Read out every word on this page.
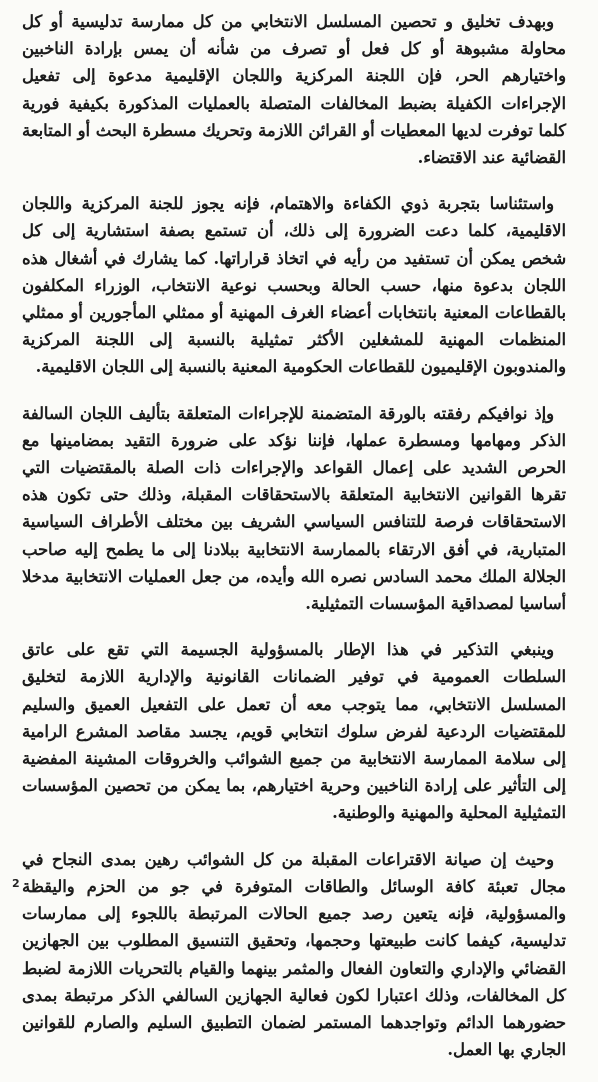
وبهدف تخليق و تحصين المسلسل الانتخابي من كل ممارسة تدليسية أو كل محاولة مشبوهة أو كل فعل أو تصرف من شأنه أن يمس بإرادة الناخبين واختيارهم الحر، فإن اللجنة المركزية واللجان الإقليمية مدعوة إلى تفعيل الإجراءات الكفيلة بضبط المخالفات المتصلة بالعمليات المذكورة بكيفية فورية كلما توفرت لديها المعطيات أو القرائن اللازمة وتحريك مسطرة البحث أو المتابعة القضائية عند الاقتضاء.

واستئناسا بتجربة ذوي الكفاءة والاهتمام، فإنه يجوز للجنة المركزية واللجان الاقليمية، كلما دعت الضرورة إلى ذلك، أن تستمع بصفة استشارية إلى كل شخص يمكن أن تستفيد من رأيه في اتخاذ قراراتها. كما يشارك في أشغال هذه اللجان بدعوة منها، حسب الحالة وبحسب نوعية الانتخاب، الوزراء المكلفون بالقطاعات المعنية بانتخابات أعضاء الغرف المهنية أو ممثلي المأجورين أو ممثلي المنظمات المهنية للمشغلين الأكثر تمثيلية بالنسبة إلى اللجنة المركزية والمندوبون الإقليميون للقطاعات الحكومية المعنية بالنسبة إلى اللجان الاقليمية.

وإذ نوافيكم رفقته بالورقة المتضمنة للإجراءات المتعلقة بتأليف اللجان السالفة الذكر ومهامها ومسطرة عملها، فإننا نؤكد على ضرورة التقيد بمضامينها مع الحرص الشديد على إعمال القواعد والإجراءات ذات الصلة بالمقتضيات التي تقرها القوانين الانتخابية المتعلقة بالاستحقاقات المقبلة، وذلك حتى تكون هذه الاستحقاقات فرصة للتنافس السياسي الشريف بين مختلف الأطراف السياسية المتبارية، في أفق الارتقاء بالممارسة الانتخابية ببلادنا إلى ما يطمح إليه صاحب الجلالة الملك محمد السادس نصره الله وأيده، من جعل العمليات الانتخابية مدخلا أساسيا لمصداقية المؤسسات التمثيلية.

وينبغي التذكير في هذا الإطار بالمسؤولية الجسيمة التي تقع على عاتق السلطات العمومية في توفير الضمانات القانونية والإدارية اللازمة لتخليق المسلسل الانتخابي، مما يتوجب معه أن تعمل على التفعيل العميق والسليم للمقتضيات الردعية لفرض سلوك انتخابي قويم، يجسد مقاصد المشرع الرامية إلى سلامة الممارسة الانتخابية من جميع الشوائب والخروقات المشينة المفضية إلى التأثير على إرادة الناخبين وحرية اختيارهم، بما يمكن من تحصين المؤسسات التمثيلية المحلية والمهنية والوطنية.

وحيث إن صيانة الاقتراعات المقبلة من كل الشوائب رهين بمدى النجاح في مجال تعبئة كافة الوسائل والطاقات المتوفرة في جو من الحزم واليقظة والمسؤولية، فإنه يتعين رصد جميع الحالات المرتبطة باللجوء إلى ممارسات تدليسية، كيفما كانت طبيعتها وحجمها، وتحقيق التنسيق المطلوب بين الجهازين القضائي والإداري والتعاون الفعال والمثمر بينهما والقيام بالتحريات اللازمة لضبط كل المخالفات، وذلك اعتبارا لكون فعالية الجهازين السالفي الذكر مرتبطة بمدى حضورهما الدائم وتواجدهما المستمر لضمان التطبيق السليم والصارم للقوانين الجاري بها العمل.

2
